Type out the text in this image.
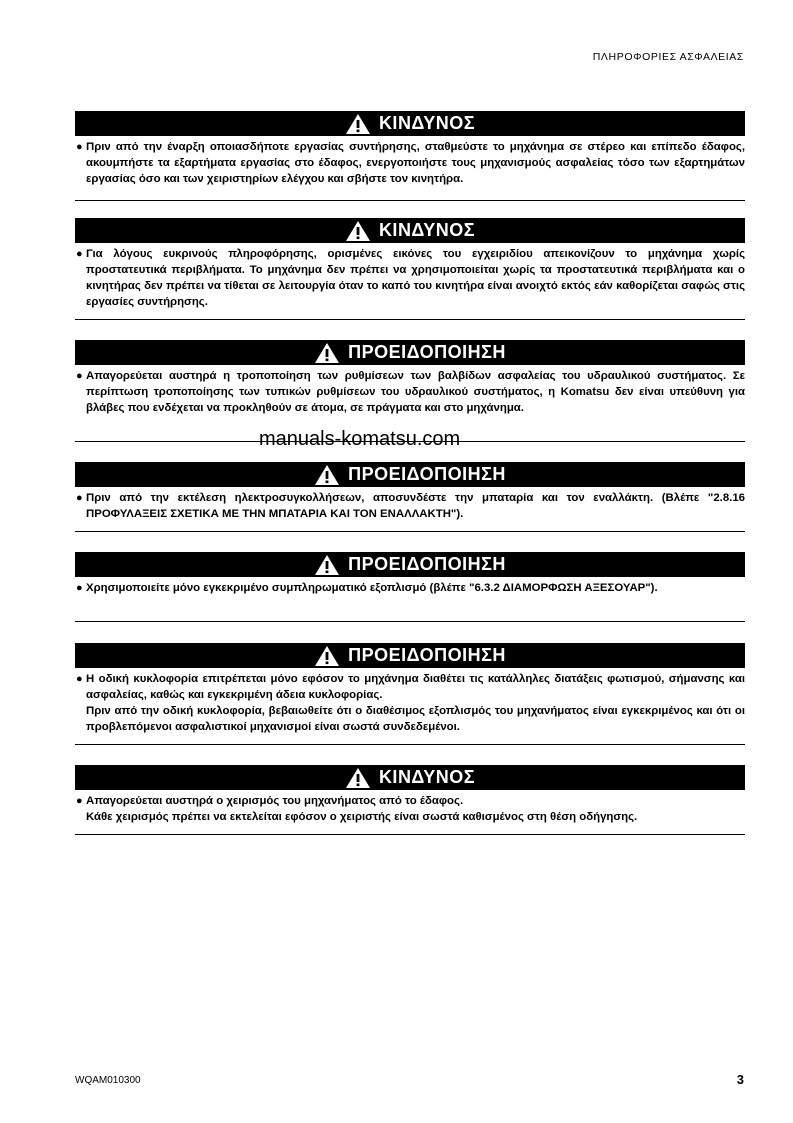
ΠΛΗΡΟΦΟΡΙΕΣ ΑΣΦΑΛΕΙΑΣ
ΚΙΝΔΥΝΟΣ
● Πριν από την έναρξη οποιασδήποτε εργασίας συντήρησης, σταθμεύστε το μηχάνημα σε στέρεο και επίπεδο έδαφος, ακουμπήστε τα εξαρτήματα εργασίας στο έδαφος, ενεργοποιήστε τους μηχανισμούς ασφαλείας τόσο των εξαρτημάτων εργασίας όσο και των χειριστηρίων ελέγχου και σβήστε τον κινητήρα.
ΚΙΝΔΥΝΟΣ
● Για λόγους ευκρινούς πληροφόρησης, ορισμένες εικόνες του εγχειριδίου απεικονίζουν το μηχάνημα χωρίς προστατευτικά περιβλήματα. Το μηχάνημα δεν πρέπει να χρησιμοποιείται χωρίς τα προστατευτικά περιβλήματα και ο κινητήρας δεν πρέπει να τίθεται σε λειτουργία όταν το καπό του κινητήρα είναι ανοιχτό εκτός εάν καθορίζεται σαφώς στις εργασίες συντήρησης.
ΠΡΟΕΙΔΟΠΟΙΗΣΗ
● Απαγορεύεται αυστηρά η τροποποίηση των ρυθμίσεων των βαλβίδων ασφαλείας του υδραυλικού συστήματος. Σε περίπτωση τροποποίησης των τυπικών ρυθμίσεων του υδραυλικού συστήματος, η Komatsu δεν είναι υπεύθυνη για βλάβες που ενδέχεται να προκληθούν σε άτομα, σε πράγματα και στο μηχάνημα.
ΠΡΟΕΙΔΟΠΟΙΗΣΗ
● Πριν από την εκτέλεση ηλεκτροσυγκολλήσεων, αποσυνδέστε την μπαταρία και τον εναλλάκτη. (Βλέπε "2.8.16 ΠΡΟΦΥΛΑΞΕΙΣ ΣΧΕΤΙΚΑ ΜΕ ΤΗΝ ΜΠΑΤΑΡΙΑ ΚΑΙ ΤΟΝ ΕΝΑΛΛΑΚΤΗ").
ΠΡΟΕΙΔΟΠΟΙΗΣΗ
● Χρησιμοποιείτε μόνο εγκεκριμένο συμπληρωματικό εξοπλισμό (βλέπε "6.3.2 ΔΙΑΜΟΡΦΩΣΗ ΑΞΕΣΟΥΑΡ").
ΠΡΟΕΙΔΟΠΟΙΗΣΗ
● Η οδική κυκλοφορία επιτρέπεται μόνο εφόσον το μηχάνημα διαθέτει τις κατάλληλες διατάξεις φωτισμού, σήμανσης και ασφαλείας, καθώς και εγκεκριμένη άδεια κυκλοφορίας.
Πριν από την οδική κυκλοφορία, βεβαιωθείτε ότι ο διαθέσιμος εξοπλισμός του μηχανήματος είναι εγκεκριμένος και ότι οι προβλεπόμενοι ασφαλιστικοί μηχανισμοί είναι σωστά συνδεδεμένοι.
ΚΙΝΔΥΝΟΣ
● Απαγορεύεται αυστηρά ο χειρισμός του μηχανήματος από το έδαφος.
Κάθε χειρισμός πρέπει να εκτελείται εφόσον ο χειριστής είναι σωστά καθισμένος στη θέση οδήγησης.
manuals-komatsu.com
WQAM010300	3
